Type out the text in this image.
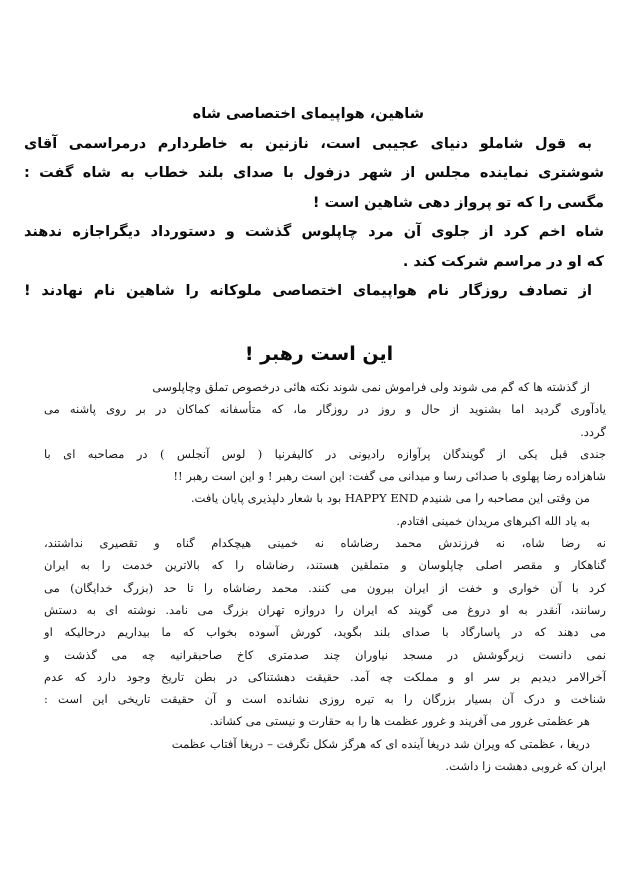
شاهین، هواپیمای اختصاصی شاه
به قول شاملو دنیای عجیبی است، نازنین به خاطردارم درمراسمی آقای
شوشتری نماینده مجلس از شهر دزفول با صدای بلند خطاب به شاه گفت :
مگسی را که تو پرواز دهی شاهین است !
شاه اخم کرد از جلوی آن مرد چاپلوس گذشت و دستورداد دیگراجازه ندهند
که او در مراسم شرکت کند .
از تصادف روزگار نام هواپیمای اختصاصی ملوکانه را شاهین نام نهادند !
این است رهبر !
از گذشته ها که گم می شوند ولی فراموش نمی شوند نکته هائی درخصوص تملق وچاپلوسی
یادآوری گردید اما بشنوید از حال و روز در روزگار ما، که متأسفانه کماکان در بر روی پاشنه می
گردد.
جندی قبل یکی از گویندگان پرآوازه رادیونی در کالیفرنیا ( لوس آنجلس ) در مصاحبه ای با
شاهزاده رضا پهلوی با صدائی رسا و میدانی می گفت: این است رهبر ! و این است رهبر !!
من وقتی این مصاحبه را می شنیدم HAPPY END بود با شعار دلپذیری پایان یافت.
به یاد الله اکبرهای مریدان خمینی افتادم.
نه رضا شاه، نه فرزندش محمد رضاشاه نه خمینی هیچکدام گناه و تقصیری نداشتند،
گناهکار و مقصر اصلی چاپلوسان و متملقین هستند، رضاشاه را که بالاترین خدمت را به ایران
کرد با آن خواری و خفت از ایران بیرون می کنند. محمد رضاشاه را تا حد (بزرگ خدایگان) می
رسانند، آنقدر به او دروغ می گویند که ایران را دروازه تهران بزرگ می نامد. نوشته ای به دستش
می دهند که در پاسارگاد با صدای بلند بگوید، کورش آسوده بخواب که ما بیداریم درحالیکه او
نمی دانست زیرگوشش در مسجد نیاوران چند صدمتری کاخ صاحبقرانیه چه می گذشت و
آخرالامر دیدیم بر سر او و مملکت چه آمد. حقیقت دهشتناکی در بطن تاریخ وجود دارد که عدم
شناخت و درک آن بسیار بزرگان را به تیره روزی نشانده است و آن حقیقت تاریخی این است :
هر عظمتی غرور می آفریند و غرور عظمت ها را به حقارت و نیستی می کشاند.
دریغا ، عظمتی که ویران شد دریغا آینده ای که هرگز شکل نگرفت – دریغا آفتاب عظمت
ایران که غروبی دهشت زا داشت.
